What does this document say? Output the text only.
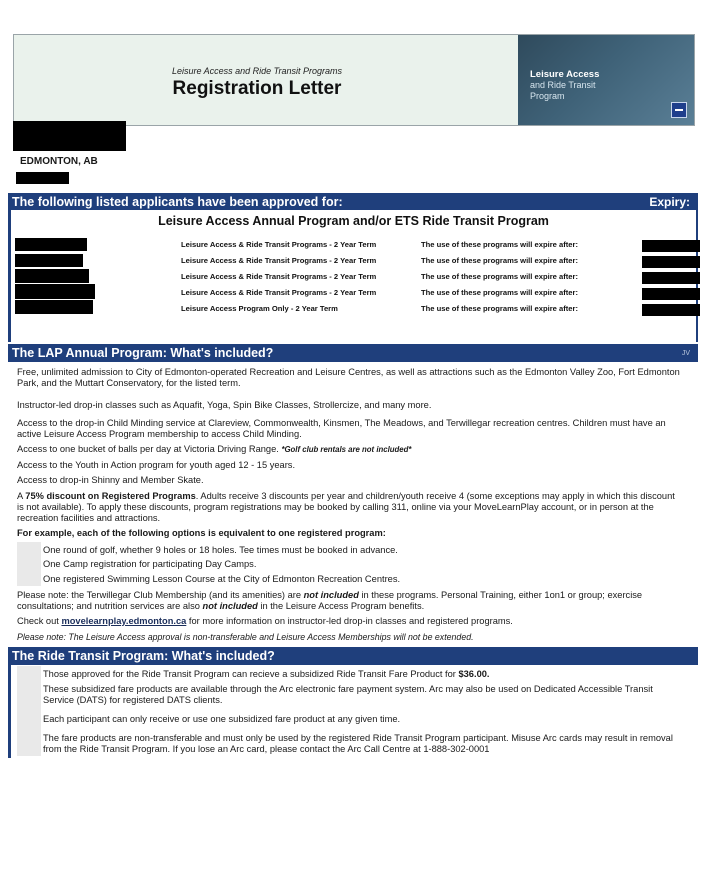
Leisure Access and Ride Transit Programs
Registration Letter
Leisure Access
and Ride Transit
Program
EDMONTON, AB
The following listed applicants have been approved for:	Expiry:
Leisure Access Annual Program and/or ETS Ride Transit Program
Leisure Access & Ride Transit Programs - 2 Year Term	The use of these programs will expire after:
Leisure Access & Ride Transit Programs - 2 Year Term	The use of these programs will expire after:
Leisure Access & Ride Transit Programs - 2 Year Term	The use of these programs will expire after:
Leisure Access & Ride Transit Programs - 2 Year Term	The use of these programs will expire after:
Leisure Access Program Only - 2 Year Term	The use of these programs will expire after:
The LAP Annual Program: What's included?	JV
Free, unlimited admission to City of Edmonton-operated Recreation and Leisure Centres, as well as attractions such as the Edmonton Valley Zoo, Fort Edmonton Park, and the Muttart Conservatory, for the listed term.
Instructor-led drop-in classes such as Aquafit, Yoga, Spin Bike Classes, Strollercize, and many more.
Access to the drop-in Child Minding service at Clareview, Commonwealth, Kinsmen, The Meadows, and Terwillegar recreation centres. Children must have an active Leisure Access Program membership to access Child Minding.
Access to one bucket of balls per day at Victoria Driving Range. *Golf club rentals are not included*
Access to the Youth in Action program for youth aged 12 - 15 years.
Access to drop-in Shinny and Member Skate.
A 75% discount on Registered Programs. Adults receive 3 discounts per year and children/youth receive 4 (some exceptions may apply in which this discount is not available). To apply these discounts, program registrations may be booked by calling 311, online via your MoveLearnPlay account, or in person at the recreation facilities and attractions.
For example, each of the following options is equivalent to one registered program:
One round of golf, whether 9 holes or 18 holes. Tee times must be booked in advance.
One Camp registration for participating Day Camps.
One registered Swimming Lesson Course at the City of Edmonton Recreation Centres.
Please note: the Terwillegar Club Membership (and its amenities) are not included in these programs. Personal Training, either 1on1 or group; exercise consultations; and nutrition services are also not included in the Leisure Access Program benefits.
Check out movelearnplay.edmonton.ca for more information on instructor-led drop-in classes and registered programs.
Please note: The Leisure Access approval is non-transferable and Leisure Access Memberships will not be extended.
The Ride Transit Program: What's included?
Those approved for the Ride Transit Program can recieve a subsidized Ride Transit Fare Product for $36.00.
These subsidized fare products are available through the Arc electronic fare payment system. Arc may also be used on Dedicated Accessible Transit Service (DATS) for registered DATS clients.
Each participant can only receive or use one subsidized fare product at any given time.
The fare products are non-transferable and must only be used by the registered Ride Transit Program participant. Misuse Arc cards may result in removal from the Ride Transit Program. If you lose an Arc card, please contact the Arc Call Centre at 1-888-302-0001
